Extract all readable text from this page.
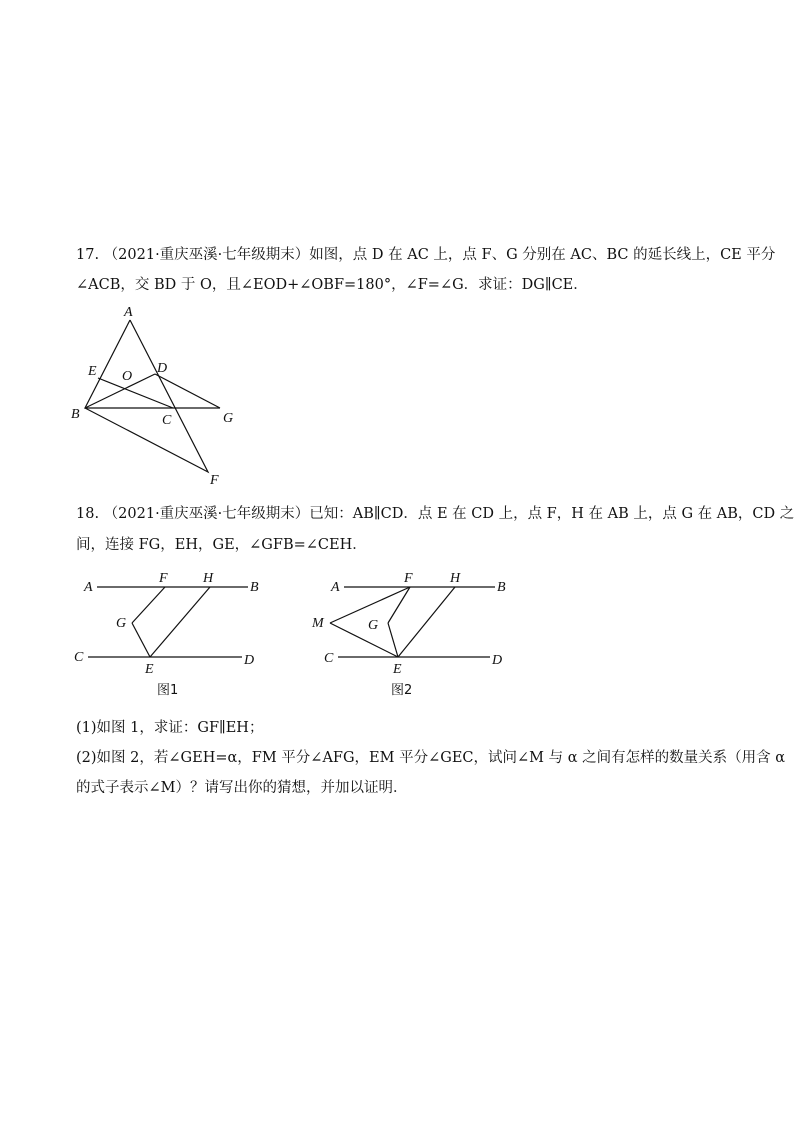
17. （2021·重庆巫溪·七年级期末）如图，点 D 在 AC 上，点 F、G 分别在 AC、BC 的延长线上，CE 平分
∠ACB，交 BD 于 O，且∠EOD+∠OBF=180°，∠F=∠G．求证：DG∥CE．
A
B	C
D
E
F
G
O
18. （2021·重庆巫溪·七年级期末）已知：AB∥CD．点 E 在 CD 上，点 F，H 在 AB 上，点 G 在 AB，CD 之
间，连接 FG，EH，GE，∠GFB=∠CEH．
A	B
C	D
E
F
G
H
图1
A	B
C	D
E
F
G
H
M
图2
(1)如图 1，求证：GF∥EH；
(2)如图 2，若∠GEH=α，FM 平分∠AFG，EM 平分∠GEC，试问∠M 与 α 之间有怎样的数量关系（用含 α
的式子表示∠M）？请写出你的猜想，并加以证明．
